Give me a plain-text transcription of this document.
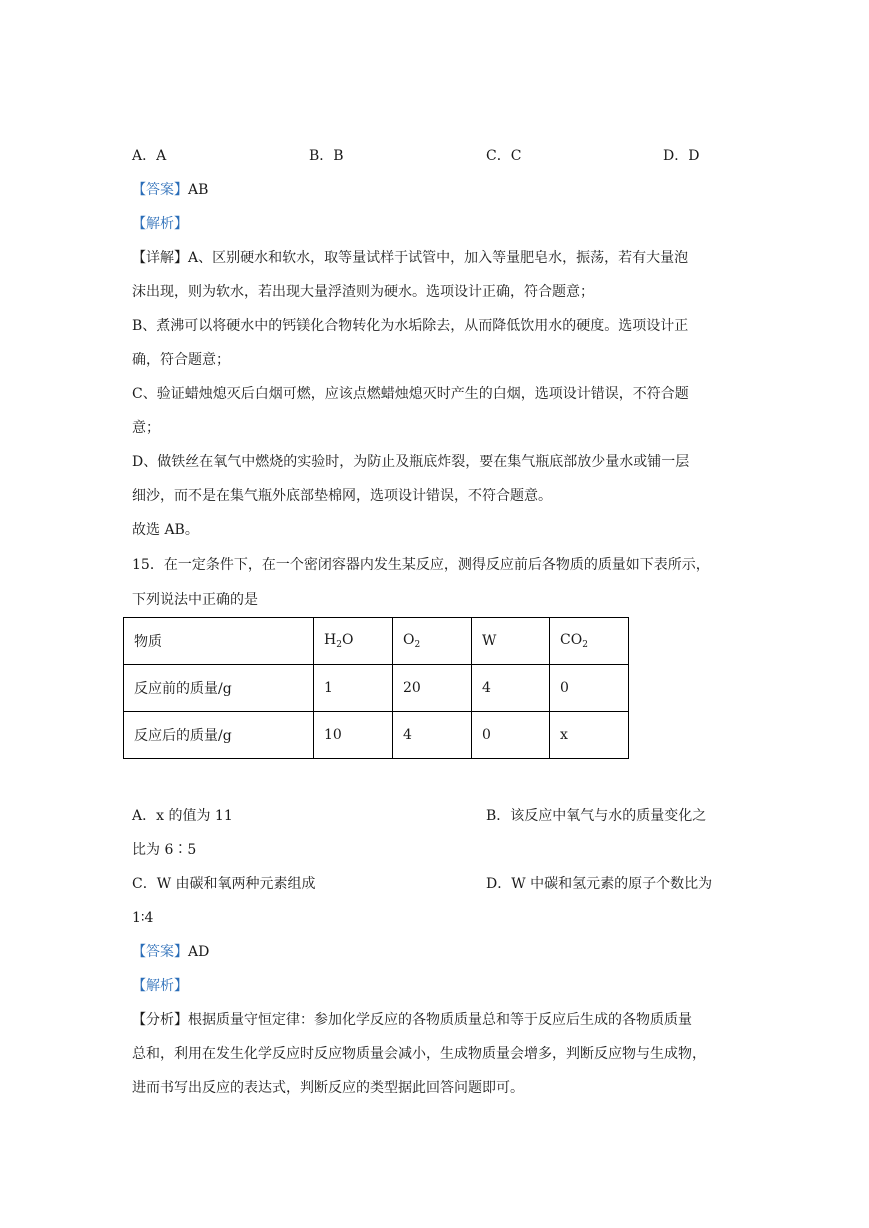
A．A	B．B	C．C	D．D
【答案】AB
【解析】
【详解】A、区别硬水和软水，取等量试样于试管中，加入等量肥皂水，振荡，若有大量泡
沫出现，则为软水，若出现大量浮渣则为硬水。选项设计正确，符合题意；
B、煮沸可以将硬水中的钙镁化合物转化为水垢除去，从而降低饮用水的硬度。选项设计正
确，符合题意；
C、验证蜡烛熄灭后白烟可燃，应该点燃蜡烛熄灭时产生的白烟，选项设计错误，不符合题
意；
D、做铁丝在氧气中燃烧的实验时，为防止及瓶底炸裂，要在集气瓶底部放少量水或铺一层
细沙，而不是在集气瓶外底部垫棉网，选项设计错误，不符合题意。
故选 AB。
15．在一定条件下，在一个密闭容器内发生某反应，测得反应前后各物质的质量如下表所示，
下列说法中正确的是
物质	$H_2O$	$O_2$	W	$CO_2$
反应前的质量/g	1	20	4	0
反应后的质量/g	10	4	0	x
A．x 的值为 11	B．该反应中氧气与水的质量变化之
比为 6∶5
C．W 由碳和氧两种元素组成	D．W 中碳和氢元素的原子个数比为
1∶4
【答案】AD
【解析】
【分析】根据质量守恒定律：参加化学反应的各物质质量总和等于反应后生成的各物质质量
总和，利用在发生化学反应时反应物质量会减小，生成物质量会增多，判断反应物与生成物，
进而书写出反应的表达式，判断反应的类型据此回答问题即可。
